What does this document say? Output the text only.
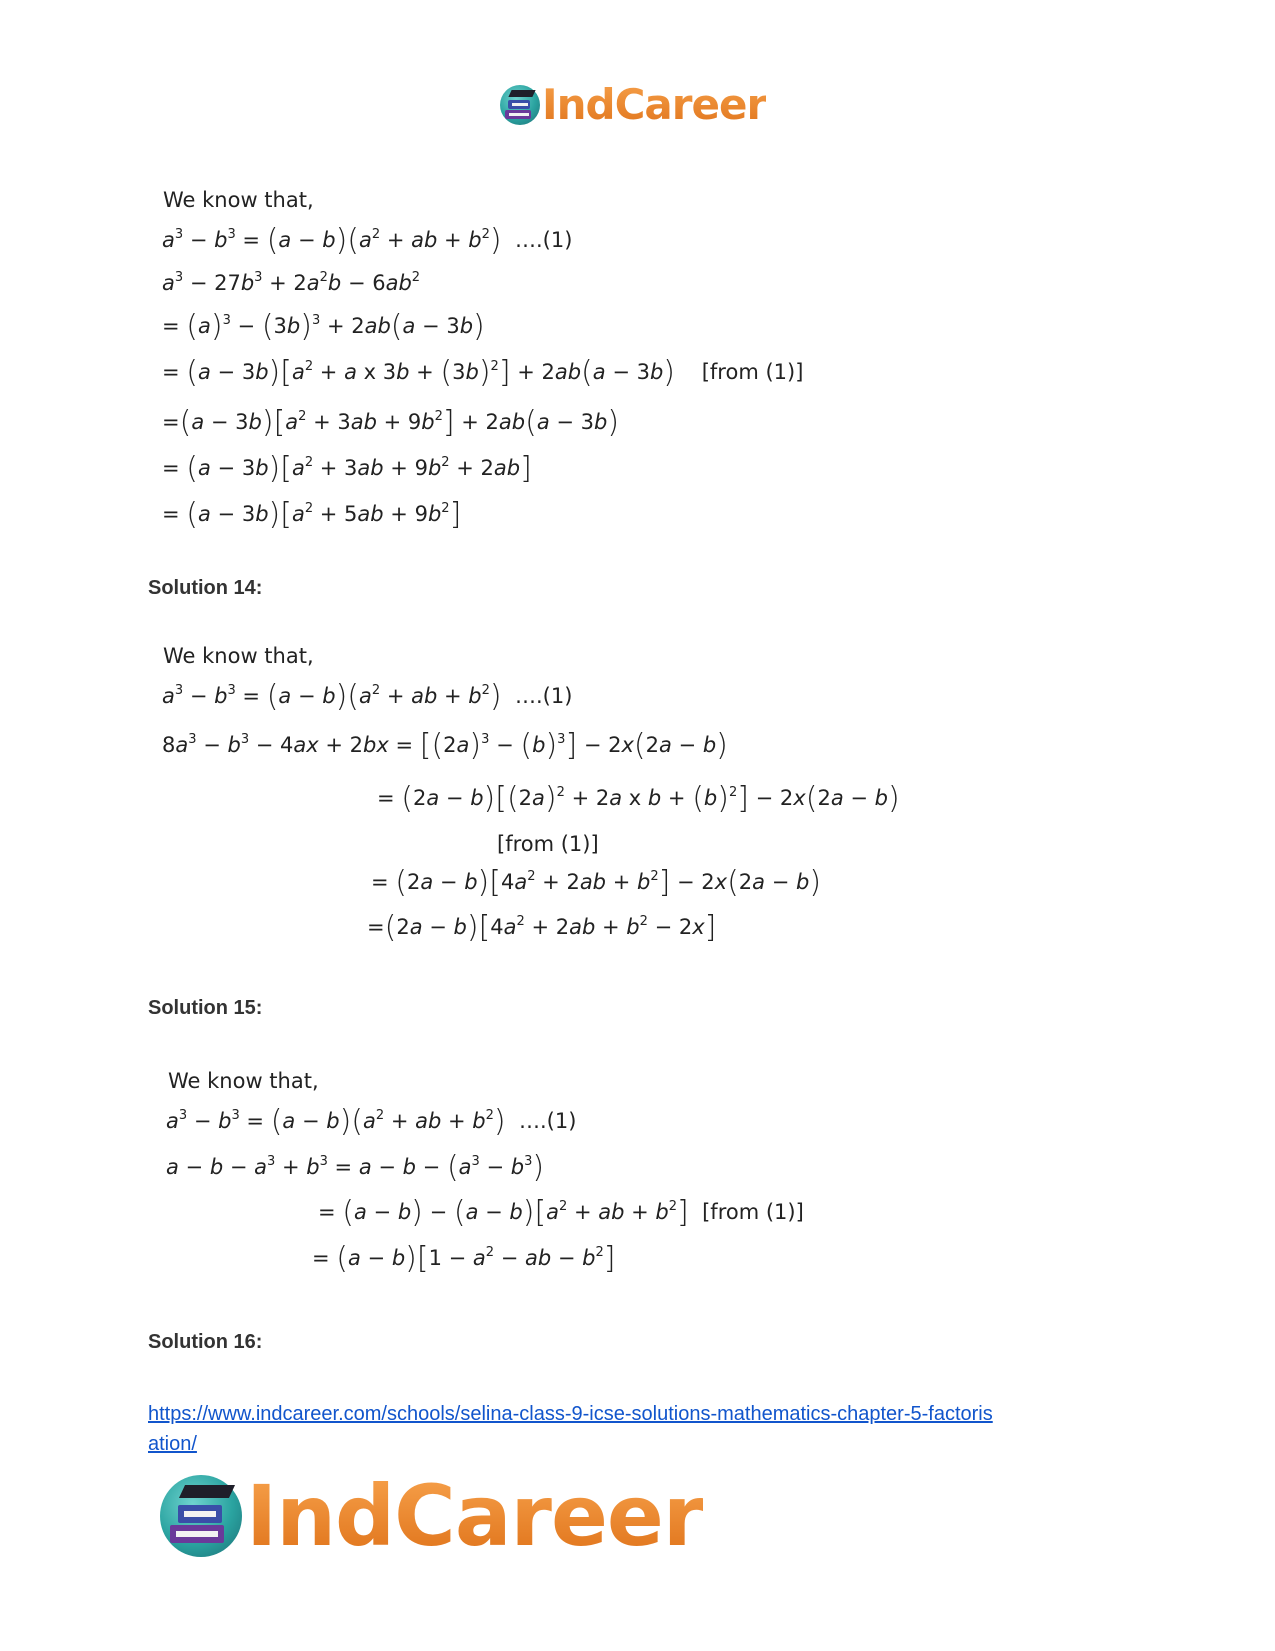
IndCareer
We know that,
$a^3 - b^3 = (a - b)(a^2$ + ab + $b^2$)  ….(1)
$a^3 - 27b^3 + 2a^2b - 6ab^2$
= $(a)^3 - (3b)^3 + 2ab(a - 3b)$
= $(a - 3b)[a^2 + a$ x $3b + (3b)^2] + 2ab(a - 3b)$    [from (1)]
$=(a - 3b)[a^2 + 3ab + 9b^2] + 2ab(a - 3b)$
= $(a - 3b)[a^2 + 3ab + 9b^2 + 2ab]$
= $(a - 3b)[a^2 + 5ab + 9b^2]$
Solution 14:
We know that,
$a^3 - b^3 = (a - b)(a^2$ + ab + $b^2$)  ….(1)
$8a^3 - b^3 - 4ax + 2bx = [(2a)^3 - (b)^3] - 2x(2a - b)$
= $(2a - b)[(2a)^2 + 2a$ x $b + (b)^2] - 2x(2a - b)$
[from (1)]
= $(2a - b)[4a^2 + 2ab + b^2] - 2x(2a - b)$
$=(2a - b)[4a^2 + 2ab + b^2 - 2x]$
Solution 15:
We know that,
$a^3 - b^3 = (a - b)(a^2$ + ab + $b^2$)  ….(1)
$a - b - a^3 + b^3 = a - b - (a^3 - b^3)$
= $(a - b) - (a - b)[a^2$ + ab + $b^2$]  [from (1)]
= $(a - b)[1 - a^2$ − ab − $b^2$]
Solution 16:
https://www.indcareer.com/schools/selina-class-9-icse-solutions-mathematics-chapter-5-factoris
ation/
IndCareer
